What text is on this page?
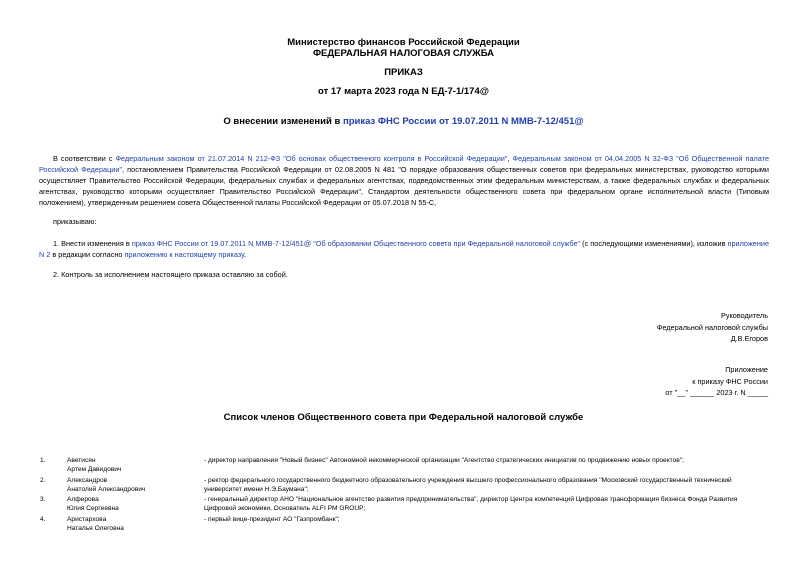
Министерство финансов Российской Федерации
ФЕДЕРАЛЬНАЯ НАЛОГОВАЯ СЛУЖБА
ПРИКАЗ
от 17 марта 2023 года N ЕД-7-1/174@
О внесении изменений в приказ ФНС России от 19.07.2011 N ММВ-7-12/451@
В соответствии с Федеральным законом от 21.07.2014 N 212-ФЗ "Об основах общественного контроля в Российской Федерации", Федеральным законом от 04.04.2005 N 32-ФЗ "Об Общественной палате Российской Федерации", постановлением Правительства Российской Федерации от 02.08.2005 N 481 "О порядке образования общественных советов при федеральных министерствах, руководство которыми осуществляет Правительство Российской Федерации, федеральных службах и федеральных агентствах, подведомственных этим федеральным министерствам, а также федеральных службах и федеральных агентствах, руководство которыми осуществляет Правительство Российской Федерации", Стандартом деятельности общественного совета при федеральном органе исполнительной власти (Типовым положением), утвержденным решением совета Общественной палаты Российской Федерации от 05.07.2018 N 55-С,
приказываю:
1. Внести изменения в приказ ФНС России от 19.07.2011 N ММВ-7-12/451@ "Об образовании Общественного совета при Федеральной налоговой службе" (с последующими изменениями), изложив приложение N 2 в редакции согласно приложению к настоящему приказу.
2. Контроль за исполнением настоящего приказа оставляю за собой.
Руководитель
Федеральной налоговой службы
Д.В.Егоров
Приложение
к приказу ФНС России
от "__" ______ 2023 г. N _____
Список членов Общественного совета при Федеральной налоговой службе
1.	Аветисян
Артем Давидович
- директор направления "Новый бизнес" Автономной некоммерческой организации "Агентство стратегических инициатив по продвижению новых проектов";
2.	Александров
Анатолий Александрович
- ректор федерального государственного бюджетного образовательного учреждения высшего профессионального образования "Московский государственный технический университет имени Н.Э.Баумана";
3.	Алферова
Юлия Сергеевна
- генеральный директор АНО "Национальное агентство развития предпринимательства", директор Центра компетенций Цифровая трансформация бизнеса Фонда Развития Цифровой экономики, Основатель ALFI PM GROUP;
4.	Аристархова
Наталья Олеговна
- первый вице-президент АО "Газпромбанк";
